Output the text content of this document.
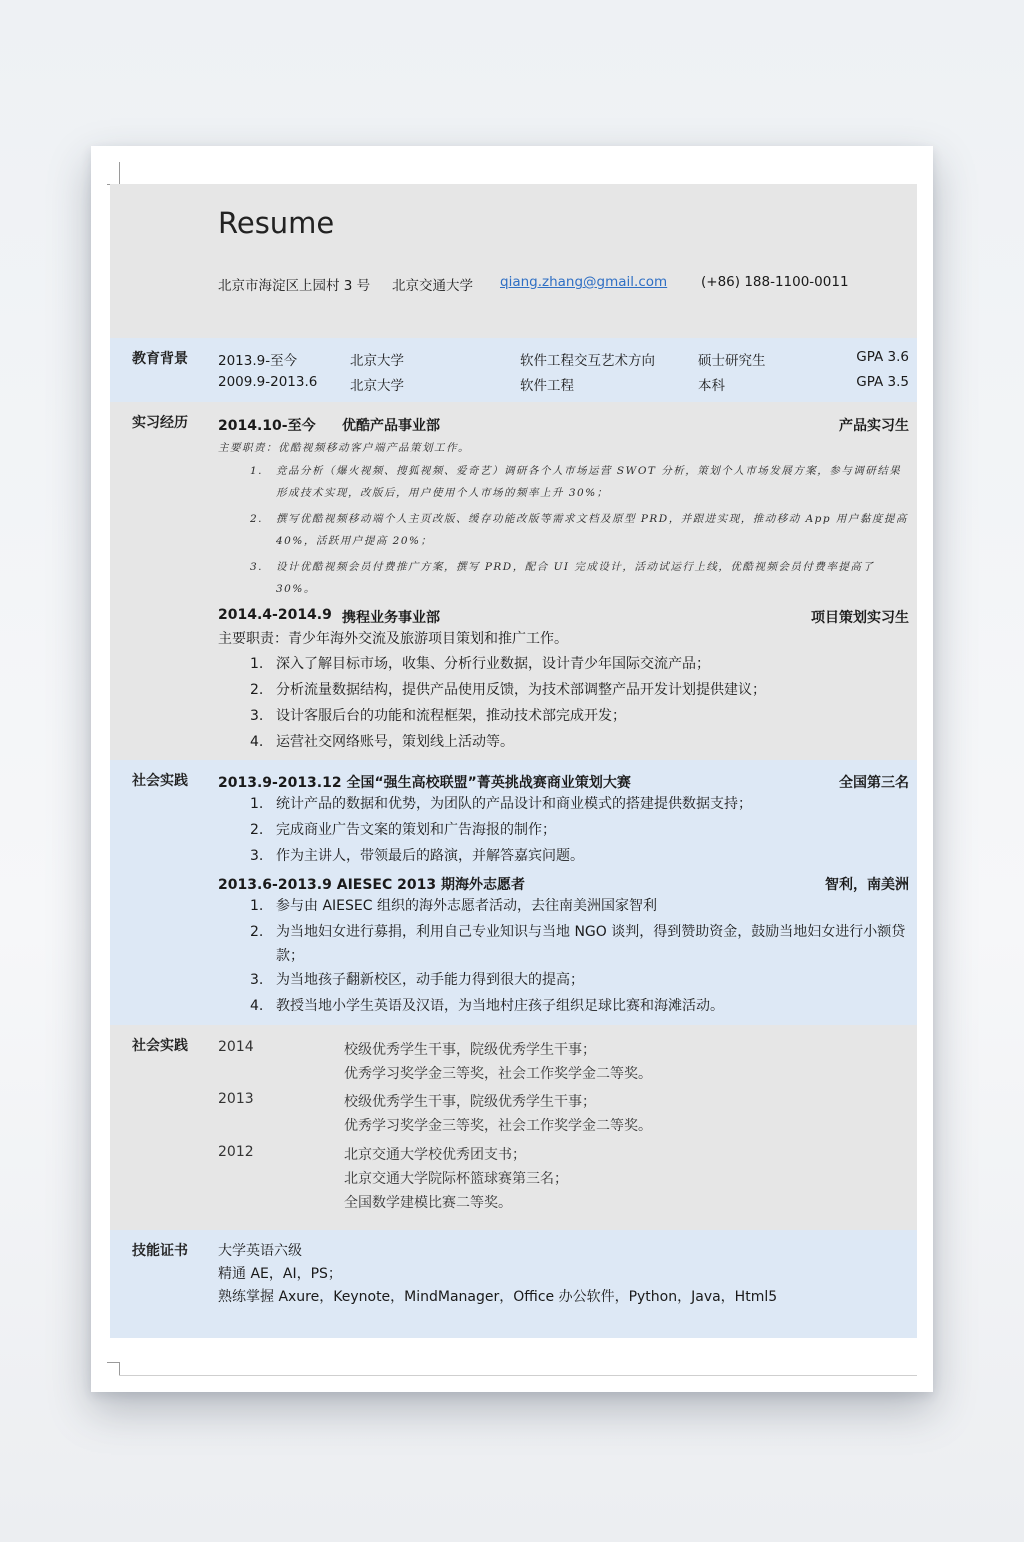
Resume
北京市海淀区上园村 3 号 北京交通大学 qiang.zhang@gmail.com	(+86) 188-1100-0011
教育背景 2013.9-至今	北京大学	软件工程交互艺术方向	硕士研究生	GPA 3.6
2009.9-2013.6 北京大学	软件工程	本科	GPA 3.5
实习经历 2014.10-至今 优酷产品事业部	产品实习生
主要职责：优酷视频移动客户端产品策划工作。
1.	竞品分析（爆火视频、搜狐视频、爱奇艺）调研各个人市场运营 SWOT 分析，策划个人市场发展方案，参与调研结果形成技术实现，改版后，用户使用个人市场的频率上升 30%；
2.	撰写优酷视频移动端个人主页改版、缓存功能改版等需求文档及原型 PRD，并跟进实现，推动移动 App 用户黏度提高 40%，活跃用户提高 20%；
3.	设计优酷视频会员付费推广方案，撰写 PRD，配合 UI 完成设计，活动试运行上线，优酷视频会员付费率提高了 30%。
2014.4-2014.9 携程业务事业部	项目策划实习生
主要职责：青少年海外交流及旅游项目策划和推广工作。
1. 深入了解目标市场，收集、分析行业数据，设计青少年国际交流产品；
2. 分析流量数据结构，提供产品使用反馈，为技术部调整产品开发计划提供建议；
3. 设计客服后台的功能和流程框架，推动技术部完成开发；
4. 运营社交网络账号，策划线上活动等。
社会实践 2013.9-2013.12 全国“强生高校联盟”菁英挑战赛商业策划大赛	全国第三名
1. 统计产品的数据和优势，为团队的产品设计和商业模式的搭建提供数据支持；
2. 完成商业广告文案的策划和广告海报的制作；
3. 作为主讲人，带领最后的路演，并解答嘉宾问题。
2013.6-2013.9 AIESEC 2013 期海外志愿者	智利，南美洲
1. 参与由 AIESEC 组织的海外志愿者活动，去往南美洲国家智利
2. 为当地妇女进行募捐，利用自己专业知识与当地 NGO 谈判，得到赞助资金，鼓励当地妇女进行小额贷款；
3. 为当地孩子翻新校区，动手能力得到很大的提高；
4. 教授当地小学生英语及汉语，为当地村庄孩子组织足球比赛和海滩活动。
社会实践 2014	校级优秀学生干事，院级优秀学生干事；
优秀学习奖学金三等奖，社会工作奖学金二等奖。
2013	校级优秀学生干事，院级优秀学生干事；
优秀学习奖学金三等奖，社会工作奖学金二等奖。
2012	北京交通大学校优秀团支书；
北京交通大学院际杯篮球赛第三名；
全国数学建模比赛二等奖。
技能证书 大学英语六级
精通 AE，AI，PS；
熟练掌握 Axure，Keynote，MindManager，Office 办公软件，Python，Java，Html5
